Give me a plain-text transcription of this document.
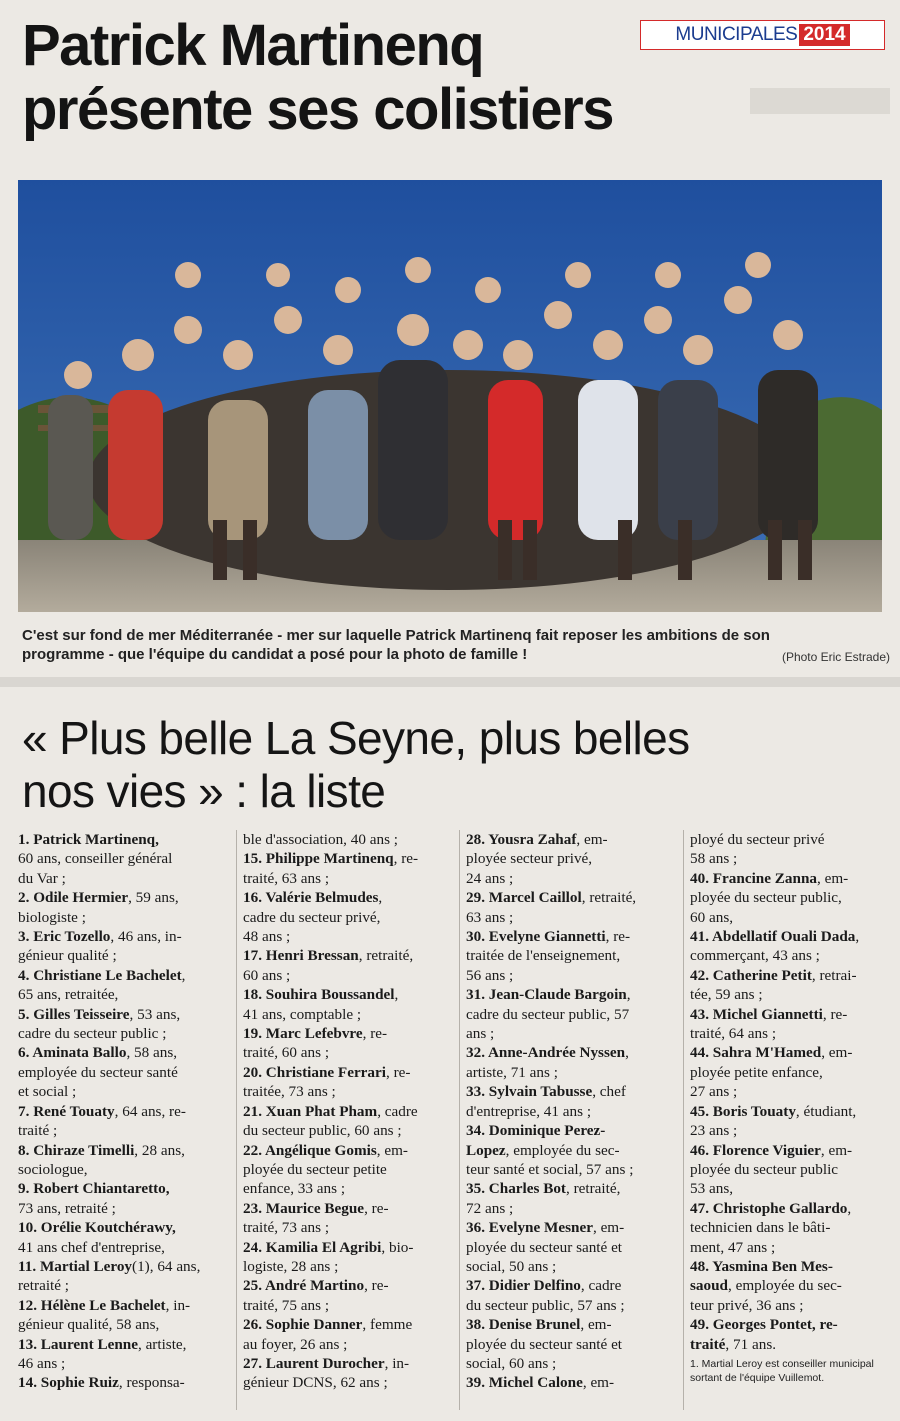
Patrick Martinenq
présente ses colistiers
MUNICIPALES 2014
C'est sur fond de mer Méditerranée - mer sur laquelle Patrick Martinenq fait reposer les ambitions de son
programme - que l'équipe du candidat a posé pour la photo de famille !	(Photo Eric Estrade)
« Plus belle La Seyne, plus belles
nos vies » : la liste
1. Patrick Martinenq,
60 ans, conseiller général
du Var ;
2. Odile Hermier, 59 ans,
biologiste ;
3. Eric Tozello, 46 ans, in-
génieur qualité ;
4. Christiane Le Bachelet,
65 ans, retraitée,
5. Gilles Teisseire, 53 ans,
cadre du secteur public ;
6. Aminata Ballo, 58 ans,
employée du secteur santé
et social ;
7. René Touaty, 64 ans, re-
traité ;
8. Chiraze Timelli, 28 ans,
sociologue,
9. Robert Chiantaretto,
73 ans, retraité ;
10. Orélie Koutchérawy,
41 ans chef d'entreprise,
11. Martial Leroy(1), 64 ans,
retraité ;
12. Hélène Le Bachelet, in-
génieur qualité, 58 ans,
13. Laurent Lenne, artiste,
46 ans ;
14. Sophie Ruiz, responsa-
ble d'association, 40 ans ;
15. Philippe Martinenq, re-
traité, 63 ans ;
16. Valérie Belmudes,
cadre du secteur privé,
48 ans ;
17. Henri Bressan, retraité,
60 ans ;
18. Souhira Boussandel,
41 ans, comptable ;
19. Marc Lefebvre, re-
traité, 60 ans ;
20. Christiane Ferrari, re-
traitée, 73 ans ;
21. Xuan Phat Pham, cadre
du secteur public, 60 ans ;
22. Angélique Gomis, em-
ployée du secteur petite
enfance, 33 ans ;
23. Maurice Begue, re-
traité, 73 ans ;
24. Kamilia El Agribi, bio-
logiste, 28 ans ;
25. André Martino, re-
traité, 75 ans ;
26. Sophie Danner, femme
au foyer, 26 ans ;
27. Laurent Durocher, in-
génieur DCNS, 62 ans ;
28. Yousra Zahaf, em-
ployée secteur privé,
24 ans ;
29. Marcel Caillol, retraité,
63 ans ;
30. Evelyne Giannetti, re-
traitée de l'enseignement,
56 ans ;
31. Jean-Claude Bargoin,
cadre du secteur public, 57
ans ;
32. Anne-Andrée Nyssen,
artiste, 71 ans ;
33. Sylvain Tabusse, chef
d'entreprise, 41 ans ;
34. Dominique Perez-
Lopez, employée du sec-
teur santé et social, 57 ans ;
35. Charles Bot, retraité,
72 ans ;
36. Evelyne Mesner, em-
ployée du secteur santé et
social, 50 ans ;
37. Didier Delfino, cadre
du secteur public, 57 ans ;
38. Denise Brunel, em-
ployée du secteur santé et
social, 60 ans ;
39. Michel Calone, em-
ployé du secteur privé
58 ans ;
40. Francine Zanna, em-
ployée du secteur public,
60 ans,
41. Abdellatif Ouali Dada,
commerçant, 43 ans ;
42. Catherine Petit, retrai-
tée, 59 ans ;
43. Michel Giannetti, re-
traité, 64 ans ;
44. Sahra M'Hamed, em-
ployée petite enfance,
27 ans ;
45. Boris Touaty, étudiant,
23 ans ;
46. Florence Viguier, em-
ployée du secteur public
53 ans,
47. Christophe Gallardo,
technicien dans le bâti-
ment, 47 ans ;
48. Yasmina Ben Mes-
saoud, employée du sec-
teur privé, 36 ans ;
49. Georges Pontet, re-
traité, 71 ans.
1. Martial Leroy est conseiller municipal
sortant de l'équipe Vuillemot.
